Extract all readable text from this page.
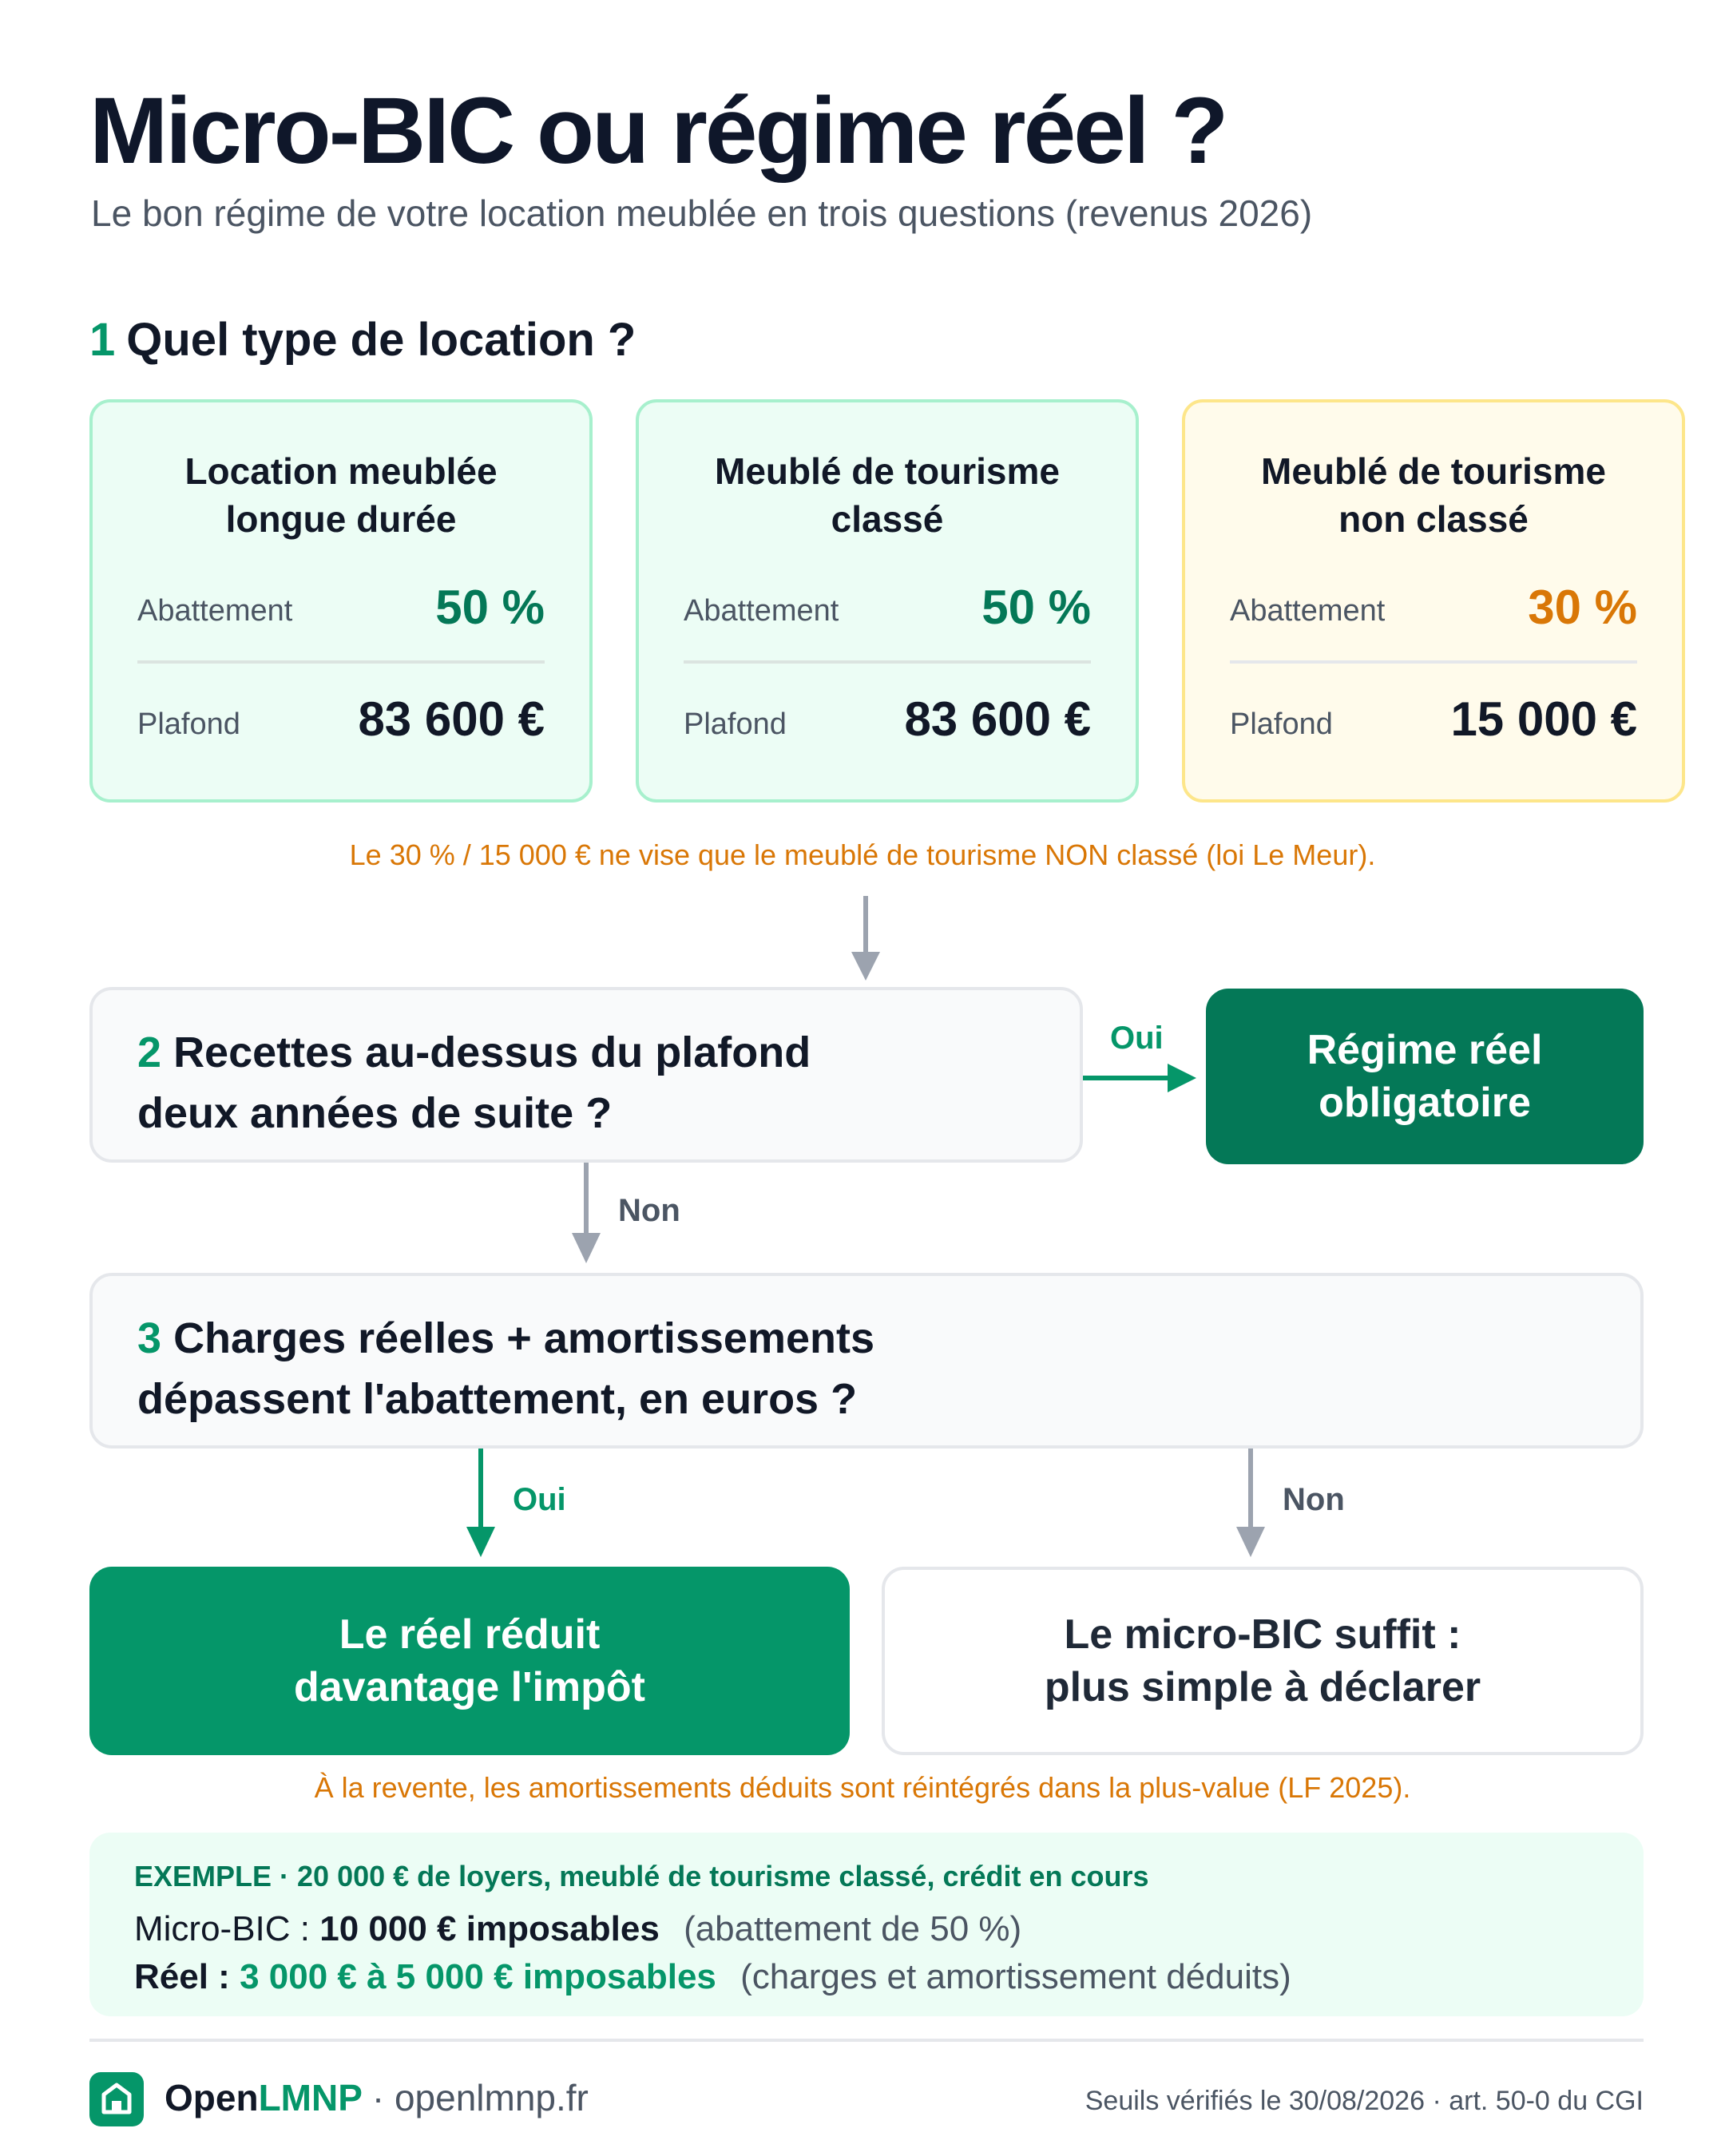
Micro-BIC ou régime réel ?
Le bon régime de votre location meublée en trois questions (revenus 2026)
1 Quel type de location ?
Location meublée
longue durée
Abattement	50 %
Plafond 83 600 €
Meublé de tourisme
classé
Abattement	50 %
Plafond 83 600 €
Meublé de tourisme
non classé
Abattement	30 %
Plafond 15 000 €
Le 30 % / 15 000 € ne vise que le meublé de tourisme NON classé (loi Le Meur).
2 Recettes au-dessus du plafond
deux années de suite ?
Oui	Régime réel
obligatoire
Non
3 Charges réelles + amortissements
dépassent l'abattement, en euros ?
Oui	Non
Le réel réduit
davantage l'impôt
Le micro-BIC suffit :
plus simple à déclarer
À la revente, les amortissements déduits sont réintégrés dans la plus-value (LF 2025).
EXEMPLE · 20 000 € de loyers, meublé de tourisme classé, crédit en cours
Micro-BIC : 10 000 € imposables (abattement de 50 %)
Réel : 3 000 € à 5 000 € imposables (charges et amortissement déduits)
OpenLMNP · openlmnp.fr	Seuils vérifiés le 30/08/2026 · art. 50-0 du CGI
